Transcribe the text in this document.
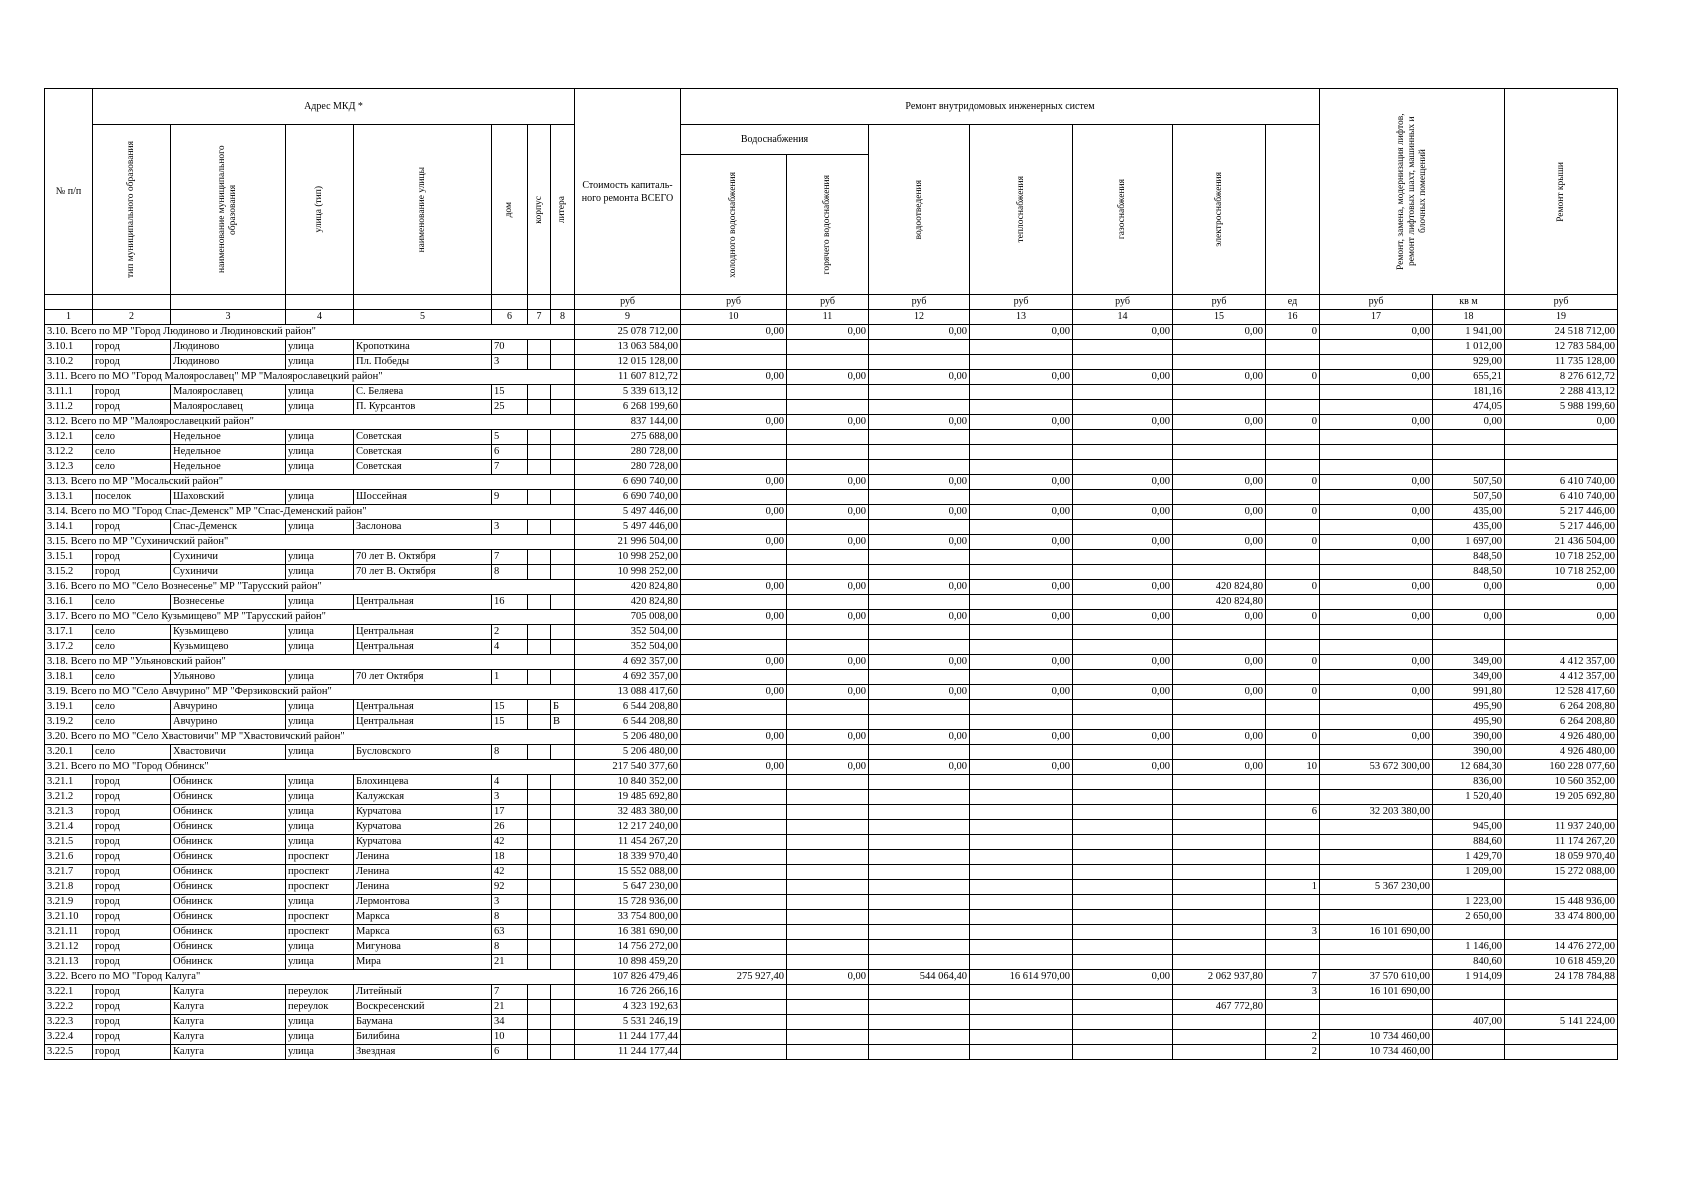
№ п/п	Адрес МКД *							Стоимость капиталь-ного ремонта ВСЕГО	Ремонт внутридомовых инженерных систем							Ремонт, замена, модернизация лифтов, ремонт лифтовых шахт, машинных и блочных помещений		Ремонт крыши

	тип муниципального образования	наименование муниципального образования	улица (тип)	наименование улицы	дом	корпус	литера		Водоснабжения		водоотведения	теплоснабжения	газоснабжения	электроснабжения				

									холодного водоснабжения	горячего водоснабжения								

								руб	руб	руб	руб	руб	руб	руб	ед	руб	кв м	руб
1	2	3	4	5	6	7	8	9	10	11	12	13	14	15	16	17	18	19
3.10. Всего по МР "Город Людиново и Людиновский район"								25 078 712,00	0,00	0,00	0,00	0,00	0,00	0,00	0	0,00	1 941,00	24 518 712,00
3.10.1	город	Людиново	улица	Кропоткина	70			13 063 584,00									1 012,00	12 783 584,00
3.10.2	город	Людиново	улица	Пл. Победы	3			12 015 128,00									929,00	11 735 128,00
3.11. Всего по МО "Город Малоярославец" МР "Малоярославецкий район"								11 607 812,72	0,00	0,00	0,00	0,00	0,00	0,00	0	0,00	655,21	8 276 612,72
3.11.1	город	Малоярославец	улица	С. Беляева	15			5 339 613,12									181,16	2 288 413,12
3.11.2	город	Малоярославец	улица	П. Курсантов	25			6 268 199,60									474,05	5 988 199,60
3.12. Всего по МР "Малоярославецкий район"								837 144,00	0,00	0,00	0,00	0,00	0,00	0,00	0	0,00	0,00	0,00
3.12.1	село	Недельное	улица	Советская	5			275 688,00										
3.12.2	село	Недельное	улица	Советская	6			280 728,00										
3.12.3	село	Недельное	улица	Советская	7			280 728,00										
3.13. Всего по МР "Мосальский район"								6 690 740,00	0,00	0,00	0,00	0,00	0,00	0,00	0	0,00	507,50	6 410 740,00
3.13.1	поселок	Шаховский	улица	Шоссейная	9			6 690 740,00									507,50	6 410 740,00
3.14. Всего по МО "Город Спас-Деменск" МР "Спас-Деменский район"								5 497 446,00	0,00	0,00	0,00	0,00	0,00	0,00	0	0,00	435,00	5 217 446,00
3.14.1	город	Спас-Деменск	улица	Заслонова	3			5 497 446,00									435,00	5 217 446,00
3.15. Всего по МР "Сухиничский район"								21 996 504,00	0,00	0,00	0,00	0,00	0,00	0,00	0	0,00	1 697,00	21 436 504,00
3.15.1	город	Сухиничи	улица	70 лет В. Октября	7			10 998 252,00									848,50	10 718 252,00
3.15.2	город	Сухиничи	улица	70 лет В. Октября	8			10 998 252,00									848,50	10 718 252,00
3.16. Всего по МО "Село Вознесенье" МР "Тарусский район"								420 824,80	0,00	0,00	0,00	0,00	0,00	420 824,80	0	0,00	0,00	0,00
3.16.1	село	Вознесенье	улица	Центральная	16			420 824,80						420 824,80				
3.17. Всего по МО "Село Кузьмищево" МР "Тарусский район"								705 008,00	0,00	0,00	0,00	0,00	0,00	0,00	0	0,00	0,00	0,00
3.17.1	село	Кузьмищево	улица	Центральная	2			352 504,00										
3.17.2	село	Кузьмищево	улица	Центральная	4			352 504,00										
3.18. Всего по МР "Ульяновский район"								4 692 357,00	0,00	0,00	0,00	0,00	0,00	0,00	0	0,00	349,00	4 412 357,00
3.18.1	село	Ульяново	улица	70 лет Октября	1			4 692 357,00									349,00	4 412 357,00
3.19. Всего по МО "Село Авчурино" МР "Ферзиковский район"								13 088 417,60	0,00	0,00	0,00	0,00	0,00	0,00	0	0,00	991,80	12 528 417,60
3.19.1	село	Авчурино	улица	Центральная	15		Б	6 544 208,80									495,90	6 264 208,80
3.19.2	село	Авчурино	улица	Центральная	15		В	6 544 208,80									495,90	6 264 208,80
3.20. Всего по МО "Село Хвастовичи" МР "Хвастовичский район"								5 206 480,00	0,00	0,00	0,00	0,00	0,00	0,00	0	0,00	390,00	4 926 480,00
3.20.1	село	Хвастовичи	улица	Бусловского	8			5 206 480,00									390,00	4 926 480,00
3.21. Всего по МО "Город Обнинск"								217 540 377,60	0,00	0,00	0,00	0,00	0,00	0,00	10	53 672 300,00	12 684,30	160 228 077,60
3.21.1	город	Обнинск	улица	Блохинцева	4			10 840 352,00									836,00	10 560 352,00
3.21.2	город	Обнинск	улица	Калужская	3			19 485 692,80									1 520,40	19 205 692,80
3.21.3	город	Обнинск	улица	Курчатова	17			32 483 380,00							6	32 203 380,00		
3.21.4	город	Обнинск	улица	Курчатова	26			12 217 240,00									945,00	11 937 240,00
3.21.5	город	Обнинск	улица	Курчатова	42			11 454 267,20									884,60	11 174 267,20
3.21.6	город	Обнинск	проспект	Ленина	18			18 339 970,40									1 429,70	18 059 970,40
3.21.7	город	Обнинск	проспект	Ленина	42			15 552 088,00									1 209,00	15 272 088,00
3.21.8	город	Обнинск	проспект	Ленина	92			5 647 230,00							1	5 367 230,00		
3.21.9	город	Обнинск	улица	Лермонтова	3			15 728 936,00									1 223,00	15 448 936,00
3.21.10	город	Обнинск	проспект	Маркса	8			33 754 800,00									2 650,00	33 474 800,00
3.21.11	город	Обнинск	проспект	Маркса	63			16 381 690,00							3	16 101 690,00		
3.21.12	город	Обнинск	улица	Мигунова	8			14 756 272,00									1 146,00	14 476 272,00
3.21.13	город	Обнинск	улица	Мира	21			10 898 459,20									840,60	10 618 459,20
3.22. Всего по МО "Город Калуга"								107 826 479,46	275 927,40	0,00	544 064,40	16 614 970,00	0,00	2 062 937,80	7	37 570 610,00	1 914,09	24 178 784,88
3.22.1	город	Калуга	переулок	Литейный	7			16 726 266,16							3	16 101 690,00		
3.22.2	город	Калуга	переулок	Воскресенский	21			4 323 192,63						467 772,80				
3.22.3	город	Калуга	улица	Баумана	34			5 531 246,19									407,00	5 141 224,00
3.22.4	город	Калуга	улица	Билибина	10			11 244 177,44							2	10 734 460,00		
3.22.5	город	Калуга	улица	Звездная	6			11 244 177,44							2	10 734 460,00		
